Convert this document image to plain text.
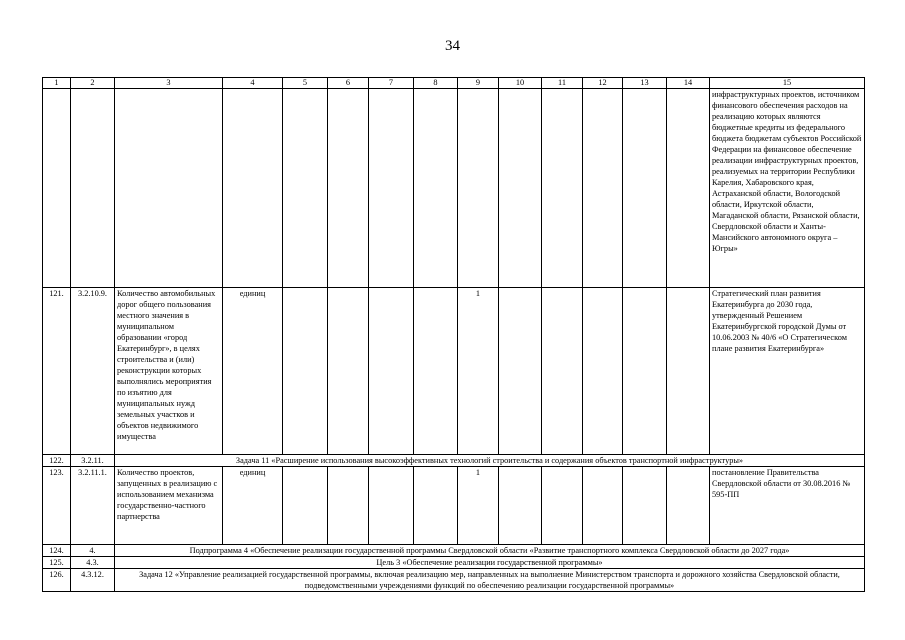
34
1	2	3	4	5	6	7	8	9	10	11	12	13	14	15
														инфраструктурных проектов, источником финансового обеспечения расходов на реализацию которых являются бюджетные кредиты из федерального бюджета бюджетам субъектов Российской Федерации на финансовое обеспечение реализации инфраструктурных проектов, реализуемых на территории Республики Карелия, Хабаровского края, Астраханской области, Вологодской области, Иркутской области, Магаданской области, Рязанской области, Свердловской области и Ханты-Мансийского автономного округа – Югры»
121.	3.2.10.9.	Количество автомобильных дорог общего пользования местного значения в муниципальном образовании «город Екатеринбург», в целях строительства и (или) реконструкции которых выполнялись мероприятия по изъятию для муниципальных нужд земельных участков и объектов недвижимого имущества	единиц					1						Стратегический план развития Екатеринбурга до 2030 года, утвержденный Решением Екатеринбургской городской Думы от 10.06.2003 № 40/6 «О Стратегическом плане развития Екатеринбурга»
122.	3.2.11.	Задача 11 «Расширение использования высокоэффективных технологий строительства и содержания объектов транспортной инфраструктуры»												
123.	3.2.11.1.	Количество проектов, запущенных в реализацию с использованием механизма государственно-частного партнерства	единиц					1						постановление Правительства Свердловской области от 30.08.2016 № 595-ПП
124.	4.	Подпрограмма 4 «Обеспечение реализации государственной программы Свердловской области «Развитие транспортного комплекса Свердловской области до 2027 года»												
125.	4.3.	Цель 3 «Обеспечение реализации государственной программы»												
126.	4.3.12.	Задача 12 «Управление реализацией государственной программы, включая реализацию мер, направленных на выполнение Министерством транспорта и дорожного хозяйства Свердловской области, подведомственными учреждениями функций по обеспечению реализации государственной программы»												
